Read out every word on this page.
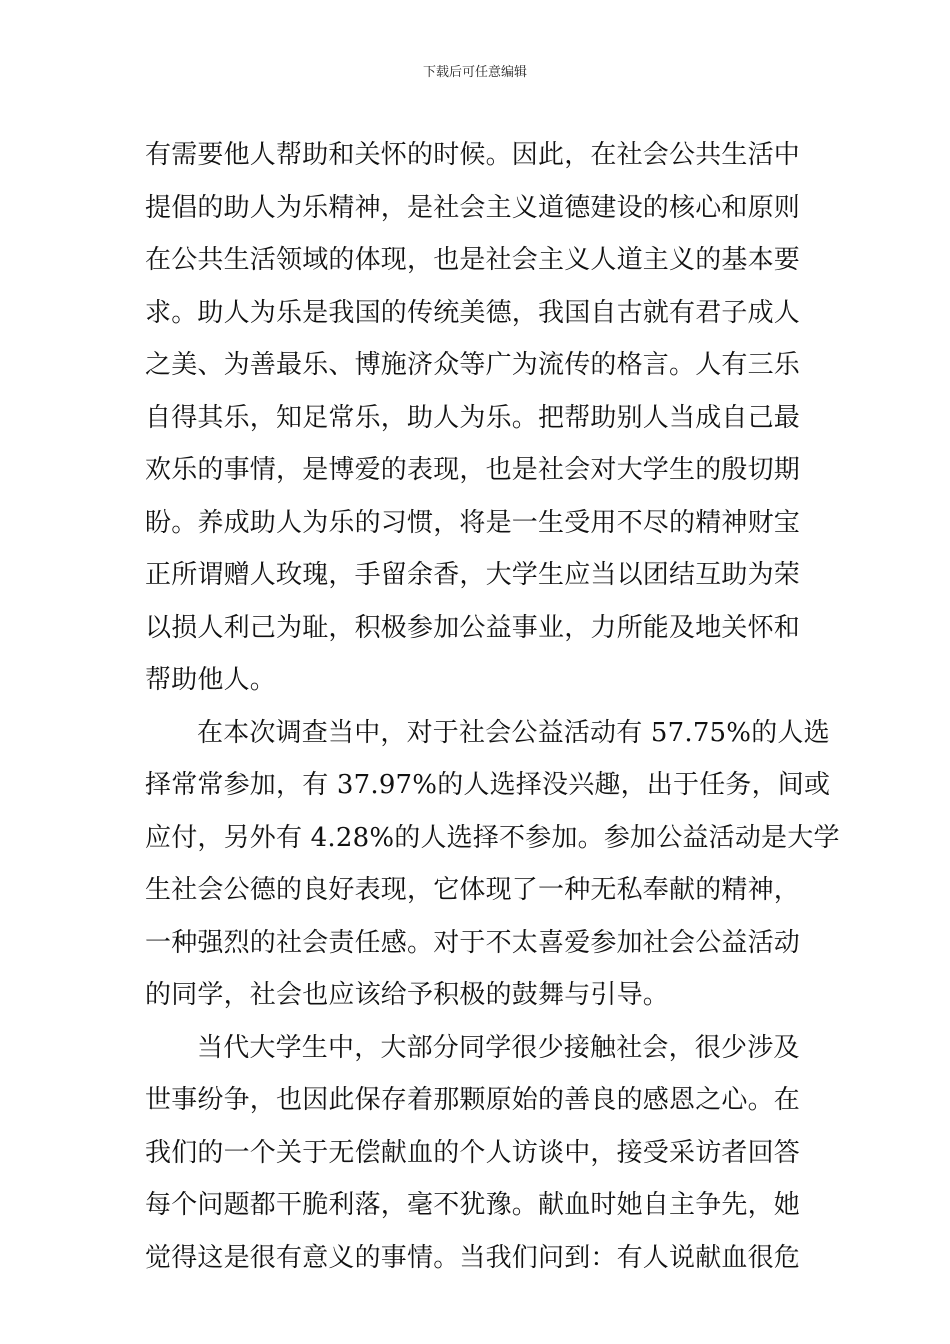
下载后可任意编辑
有需要他人帮助和关怀的时候。因此，在社会公共生活中
提倡的助人为乐精神，是社会主义道德建设的核心和原则
在公共生活领域的体现，也是社会主义人道主义的基本要
求。助人为乐是我国的传统美德，我国自古就有君子成人
之美、为善最乐、博施济众等广为流传的格言。人有三乐
自得其乐，知足常乐，助人为乐。把帮助别人当成自己最
欢乐的事情，是博爱的表现，也是社会对大学生的殷切期
盼。养成助人为乐的习惯，将是一生受用不尽的精神财宝
正所谓赠人玫瑰，手留余香，大学生应当以团结互助为荣
以损人利己为耻，积极参加公益事业，力所能及地关怀和
帮助他人。
在本次调查当中，对于社会公益活动有 57.75%的人选
择常常参加，有 37.97%的人选择没兴趣，出于任务，间或
应付，另外有 4.28%的人选择不参加。参加公益活动是大学
生社会公德的良好表现，它体现了一种无私奉献的精神，
一种强烈的社会责任感。对于不太喜爱参加社会公益活动
的同学，社会也应该给予积极的鼓舞与引导。
当代大学生中，大部分同学很少接触社会，很少涉及
世事纷争，也因此保存着那颗原始的善良的感恩之心。在
我们的一个关于无偿献血的个人访谈中，接受采访者回答
每个问题都干脆利落，毫不犹豫。献血时她自主争先，她
觉得这是很有意义的事情。当我们问到：有人说献血很危
